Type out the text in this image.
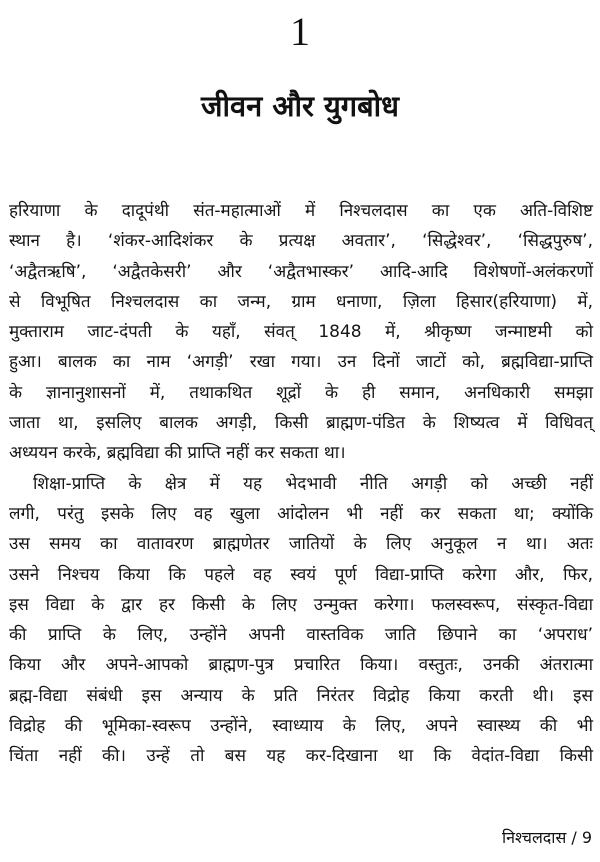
1
जीवन और युगबोध
हरियाणा के दादूपंथी संत-महात्माओं में निश्चलदास का एक अति-विशिष्ट
स्थान है। ‘शंकर-आदिशंकर के प्रत्यक्ष अवतार’, ‘सिद्धेश्वर’, ‘सिद्धपुरुष’,
‘अद्वैतऋषि’, ‘अद्वैतकेसरी’ और ‘अद्वैतभास्कर’ आदि-आदि विशेषणों-अलंकरणों
से विभूषित निश्चलदास का जन्म, ग्राम धनाणा, ज़िला हिसार(हरियाणा) में,
मुक्ताराम जाट-दंपती के यहाँ, संवत् 1848 में, श्रीकृष्ण जन्माष्टमी को
हुआ। बालक का नाम ‘अगड़ी’ रखा गया। उन दिनों जाटों को, ब्रह्मविद्या-प्राप्ति
के ज्ञानानुशासनों में, तथाकथित शूद्रों के ही समान, अनधिकारी समझा
जाता था, इसलिए बालक अगड़ी, किसी ब्राह्मण-पंडित के शिष्यत्व में विधिवत्
अध्ययन करके, ब्रह्मविद्या की प्राप्ति नहीं कर सकता था।
शिक्षा-प्राप्ति के क्षेत्र में यह भेदभावी नीति अगड़ी को अच्छी नहीं
लगी, परंतु इसके लिए वह खुला आंदोलन भी नहीं कर सकता था; क्योंकि
उस समय का वातावरण ब्राह्मणेतर जातियों के लिए अनुकूल न था। अतः
उसने निश्चय किया कि पहले वह स्वयं पूर्ण विद्या-प्राप्ति करेगा और, फिर,
इस विद्या के द्वार हर किसी के लिए उन्मुक्त करेगा। फलस्वरूप, संस्कृत-विद्या
की प्राप्ति के लिए, उन्होंने अपनी वास्तविक जाति छिपाने का ‘अपराध’
किया और अपने-आपको ब्राह्मण-पुत्र प्रचारित किया। वस्तुतः, उनकी अंतरात्मा
ब्रह्म-विद्या संबंधी इस अन्याय के प्रति निरंतर विद्रोह किया करती थी। इस
विद्रोह की भूमिका-स्वरूप उन्होंने, स्वाध्याय के लिए, अपने स्वास्थ्य की भी
चिंता नहीं की। उन्हें तो बस यह कर-दिखाना था कि वेदांत-विद्या किसी
निश्चलदास / 9
